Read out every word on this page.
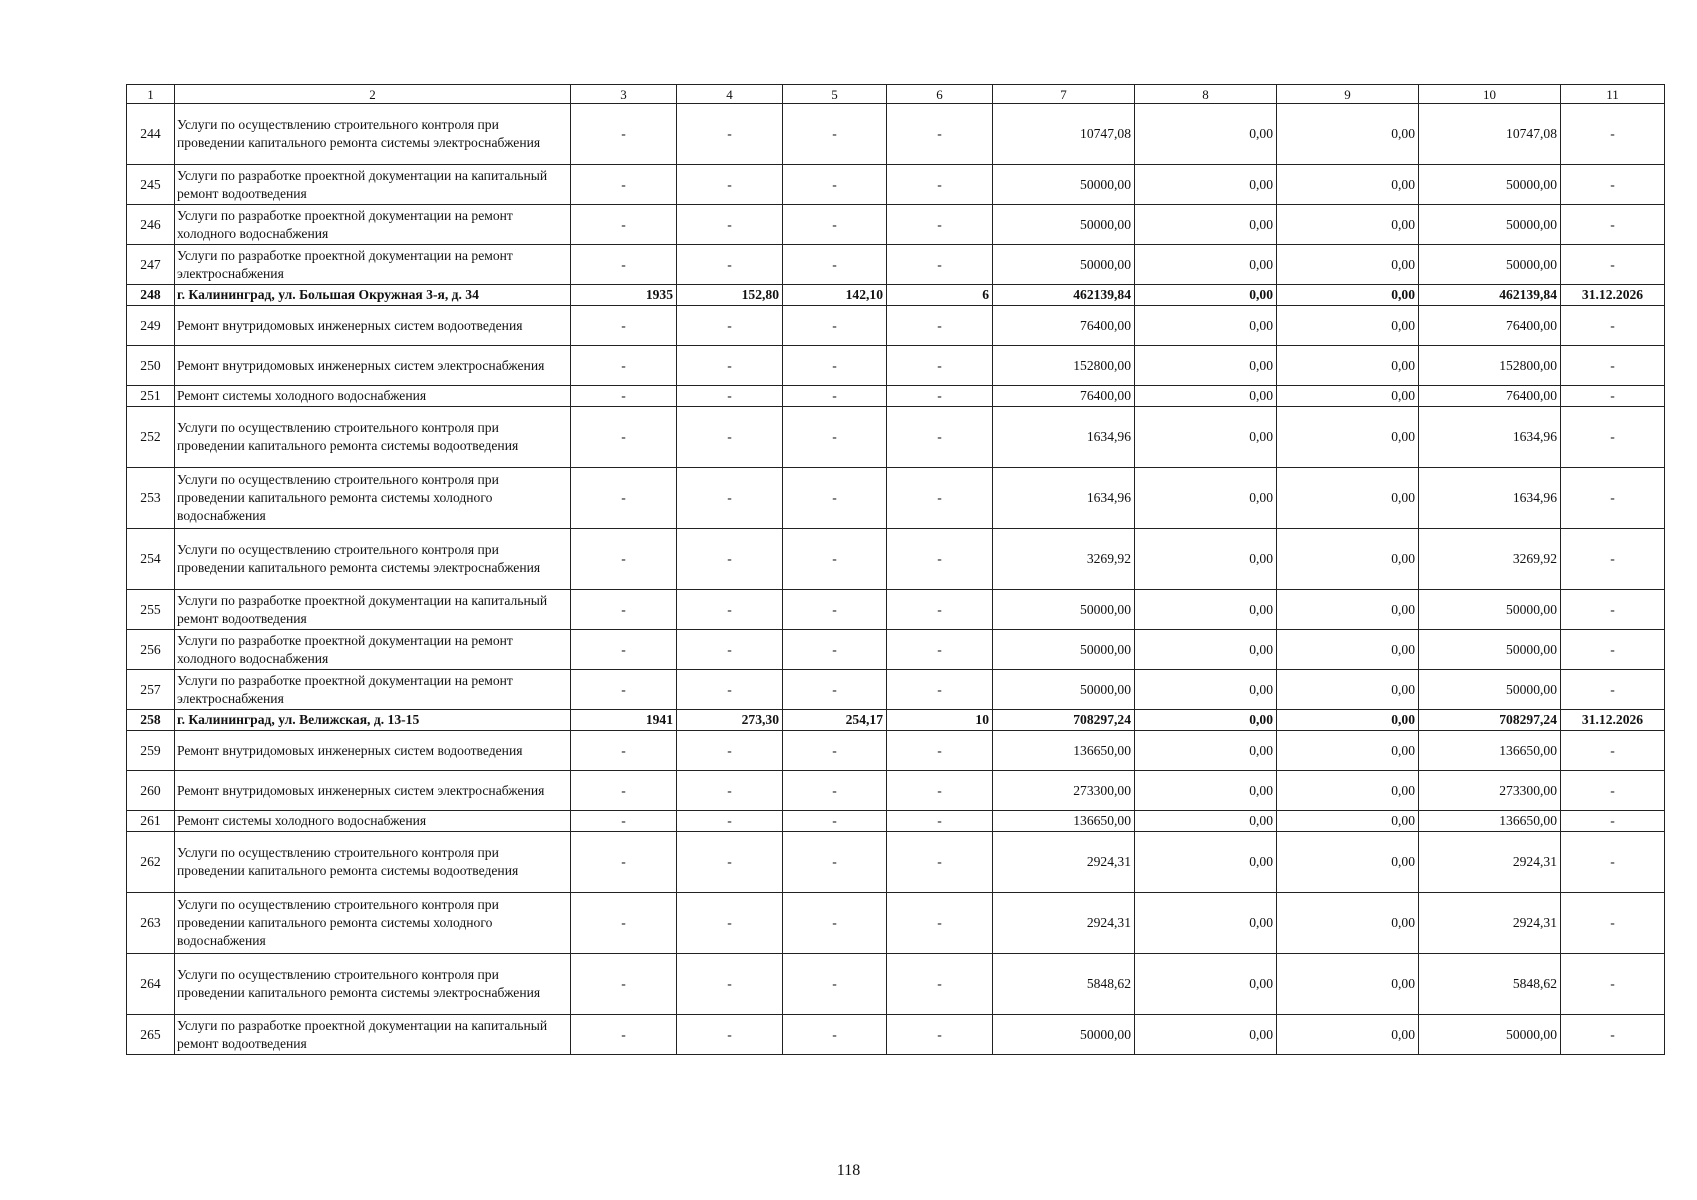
1	2	3	4	5	6	7	8	9	10	11
244	Услуги по осуществлению строительного контроля при проведении капитального ремонта системы электроснабжения	-	-	-	-	10747,08	0,00	0,00	10747,08	-
245	Услуги по разработке проектной документации на капитальный ремонт водоотведения	-	-	-	-	50000,00	0,00	0,00	50000,00	-
246	Услуги по разработке проектной документации на ремонт холодного водоснабжения	-	-	-	-	50000,00	0,00	0,00	50000,00	-
247	Услуги по разработке проектной документации на ремонт электроснабжения	-	-	-	-	50000,00	0,00	0,00	50000,00	-
248	г. Калининград, ул. Большая Окружная 3-я, д. 34	1935	152,80	142,10	6	462139,84	0,00	0,00	462139,84	31.12.2026
249	Ремонт внутридомовых инженерных систем водоотведения	-	-	-	-	76400,00	0,00	0,00	76400,00	-
250	Ремонт внутридомовых инженерных систем электроснабжения	-	-	-	-	152800,00	0,00	0,00	152800,00	-
251	Ремонт системы холодного водоснабжения	-	-	-	-	76400,00	0,00	0,00	76400,00	-
252	Услуги по осуществлению строительного контроля при проведении капитального ремонта системы водоотведения	-	-	-	-	1634,96	0,00	0,00	1634,96	-
253	Услуги по осуществлению строительного контроля при проведении капитального ремонта системы холодного водоснабжения	-	-	-	-	1634,96	0,00	0,00	1634,96	-
254	Услуги по осуществлению строительного контроля при проведении капитального ремонта системы электроснабжения	-	-	-	-	3269,92	0,00	0,00	3269,92	-
255	Услуги по разработке проектной документации на капитальный ремонт водоотведения	-	-	-	-	50000,00	0,00	0,00	50000,00	-
256	Услуги по разработке проектной документации на ремонт холодного водоснабжения	-	-	-	-	50000,00	0,00	0,00	50000,00	-
257	Услуги по разработке проектной документации на ремонт электроснабжения	-	-	-	-	50000,00	0,00	0,00	50000,00	-
258	г. Калининград, ул. Велижская, д. 13-15	1941	273,30	254,17	10	708297,24	0,00	0,00	708297,24	31.12.2026
259	Ремонт внутридомовых инженерных систем водоотведения	-	-	-	-	136650,00	0,00	0,00	136650,00	-
260	Ремонт внутридомовых инженерных систем электроснабжения	-	-	-	-	273300,00	0,00	0,00	273300,00	-
261	Ремонт системы холодного водоснабжения	-	-	-	-	136650,00	0,00	0,00	136650,00	-
262	Услуги по осуществлению строительного контроля при проведении капитального ремонта системы водоотведения	-	-	-	-	2924,31	0,00	0,00	2924,31	-
263	Услуги по осуществлению строительного контроля при проведении капитального ремонта системы холодного водоснабжения	-	-	-	-	2924,31	0,00	0,00	2924,31	-
264	Услуги по осуществлению строительного контроля при проведении капитального ремонта системы электроснабжения	-	-	-	-	5848,62	0,00	0,00	5848,62	-
265	Услуги по разработке проектной документации на капитальный ремонт водоотведения	-	-	-	-	50000,00	0,00	0,00	50000,00	-
118
